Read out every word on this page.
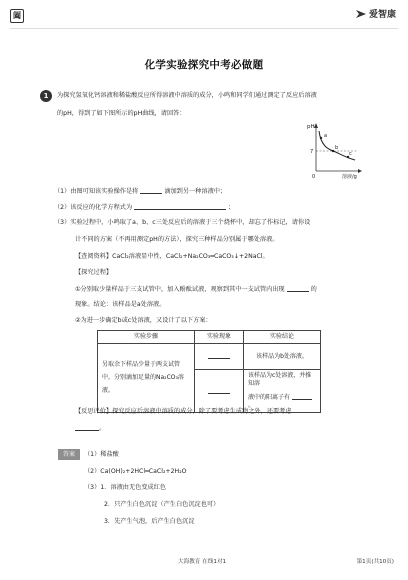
阖	爱智康
化学实验探究中考必做题
1	为探究氢氧化钙溶液和稀盐酸反应所得溶液中溶质的成分，小鸣和同学们通过测定了反应后溶液
的pH，得到了如下图所示的pH曲线，请回答：
pH
7
0	溶液/g
a
b
c
（1）由图可知该实验操作是将	滴加到另一种溶液中；
（2）该反应的化学方程式为	；
（3）实验过程中，小鸣取了a、b、c三处反应后的溶液于三个烧杯中，却忘了作标记，请你设
计不同的方案（不再用测定pH的方法），探究三种样品分别属于哪处溶液。
【查阅资料】CaCl₂溶液显中性，CaCl₂+Na₂CO₃═CaCO₃↓+2NaCl。
【探究过程】
①分别取少量样品于三支试管中，加入酚酞试液，观察到其中一支试管内出现	的
现象。结论：该样品是a处溶液。
②为进一步确定b或c处溶液，又设计了以下方案：
实验步骤	实验现象	实验结论

另取余下样品少量于两支试管
中，分别滴加足量的Na₂CO₃溶
液。		该样品为b处溶液。

		该样品为c处溶液，并推知溶
液中的阳离子有 。
【反思评价】探究反应后溶液中溶质的成分，除了要考虑生成物之外，还要考虑
。
答案	（1）稀盐酸
（2）Ca(OH)₂+2HCl═CaCl₂+2H₂O
（3）1．溶液由无色变成红色
2．只产生白色沉淀（产生白色沉淀也可）
3．先产生气泡，后产生白色沉淀
大海教育 在线1对1	第1页(共10页)
